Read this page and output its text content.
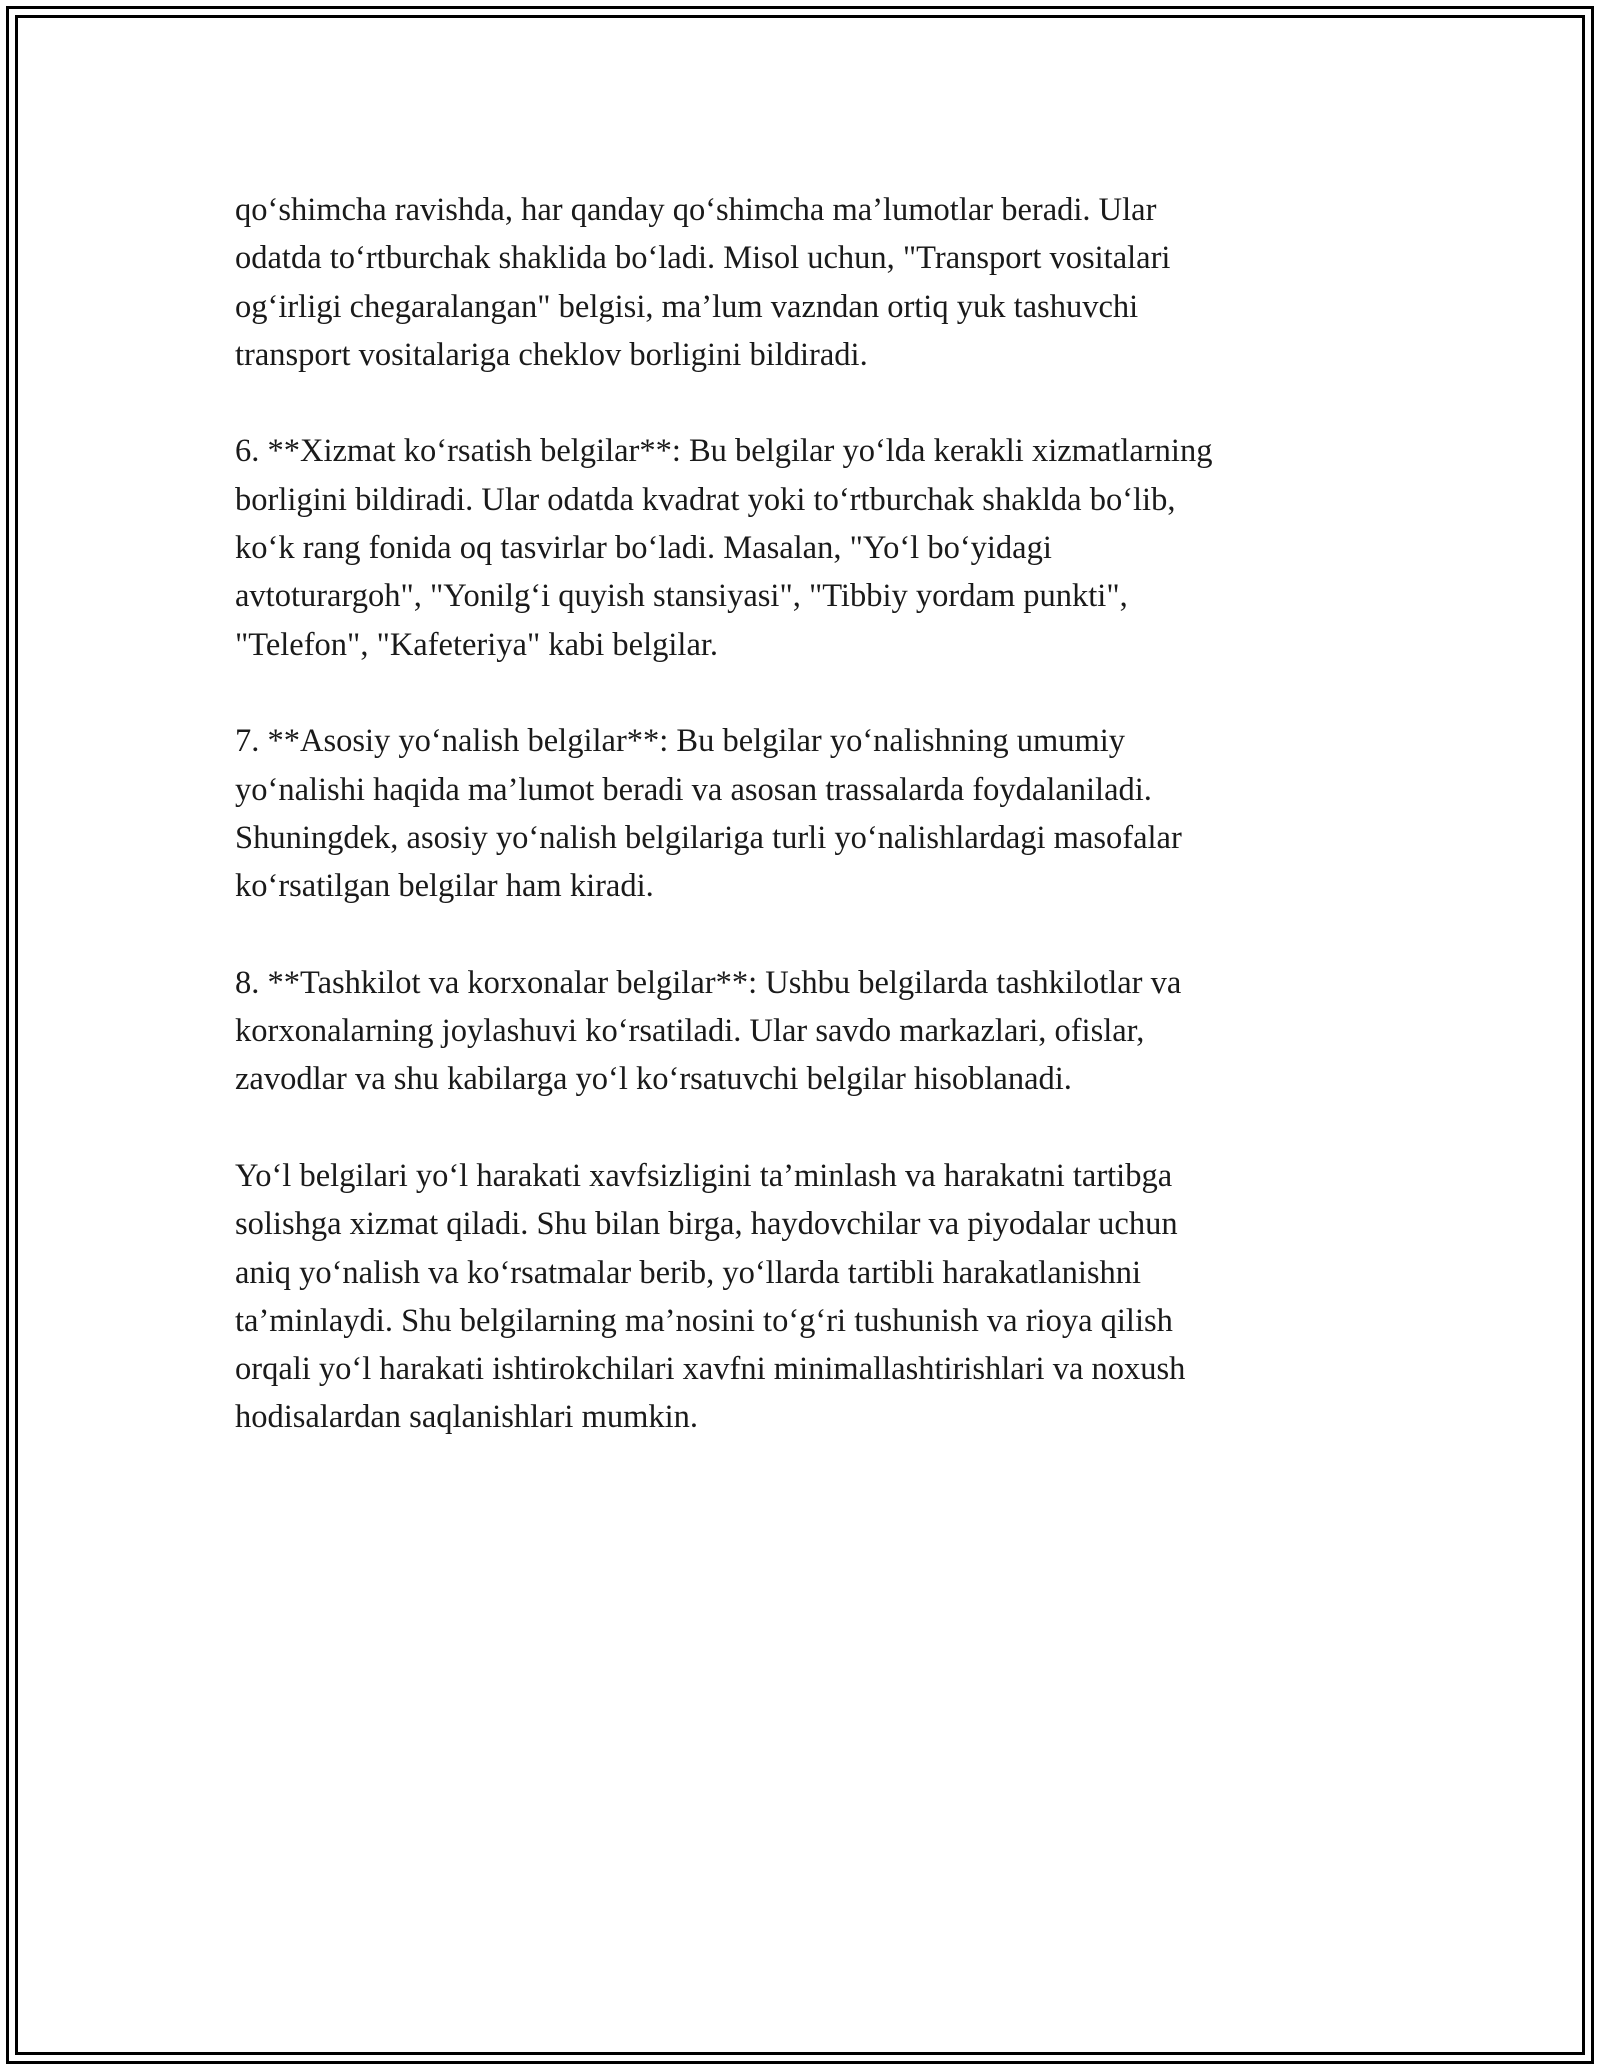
qo‘shimcha ravishda, har qanday qo‘shimcha ma’lumotlar beradi. Ular
odatda to‘rtburchak shaklida bo‘ladi. Misol uchun, "Transport vositalari
og‘irligi chegaralangan" belgisi, ma’lum vazndan ortiq yuk tashuvchi
transport vositalariga cheklov borligini bildiradi.

6. **Xizmat ko‘rsatish belgilar**: Bu belgilar yo‘lda kerakli xizmatlarning
borligini bildiradi. Ular odatda kvadrat yoki to‘rtburchak shaklda bo‘lib,
ko‘k rang fonida oq tasvirlar bo‘ladi. Masalan, "Yo‘l bo‘yidagi
avtoturargoh", "Yonilg‘i quyish stansiyasi", "Tibbiy yordam punkti",
"Telefon", "Kafeteriya" kabi belgilar.

7. **Asosiy yo‘nalish belgilar**: Bu belgilar yo‘nalishning umumiy
yo‘nalishi haqida ma’lumot beradi va asosan trassalarda foydalaniladi.
Shuningdek, asosiy yo‘nalish belgilariga turli yo‘nalishlardagi masofalar
ko‘rsatilgan belgilar ham kiradi.

8. **Tashkilot va korxonalar belgilar**: Ushbu belgilarda tashkilotlar va
korxonalarning joylashuvi ko‘rsatiladi. Ular savdo markazlari, ofislar,
zavodlar va shu kabilarga yo‘l ko‘rsatuvchi belgilar hisoblanadi.

Yo‘l belgilari yo‘l harakati xavfsizligini ta’minlash va harakatni tartibga
solishga xizmat qiladi. Shu bilan birga, haydovchilar va piyodalar uchun
aniq yo‘nalish va ko‘rsatmalar berib, yo‘llarda tartibli harakatlanishni
ta’minlaydi. Shu belgilarning ma’nosini to‘g‘ri tushunish va rioya qilish
orqali yo‘l harakati ishtirokchilari xavfni minimallashtirishlari va noxush
hodisalardan saqlanishlari mumkin.
